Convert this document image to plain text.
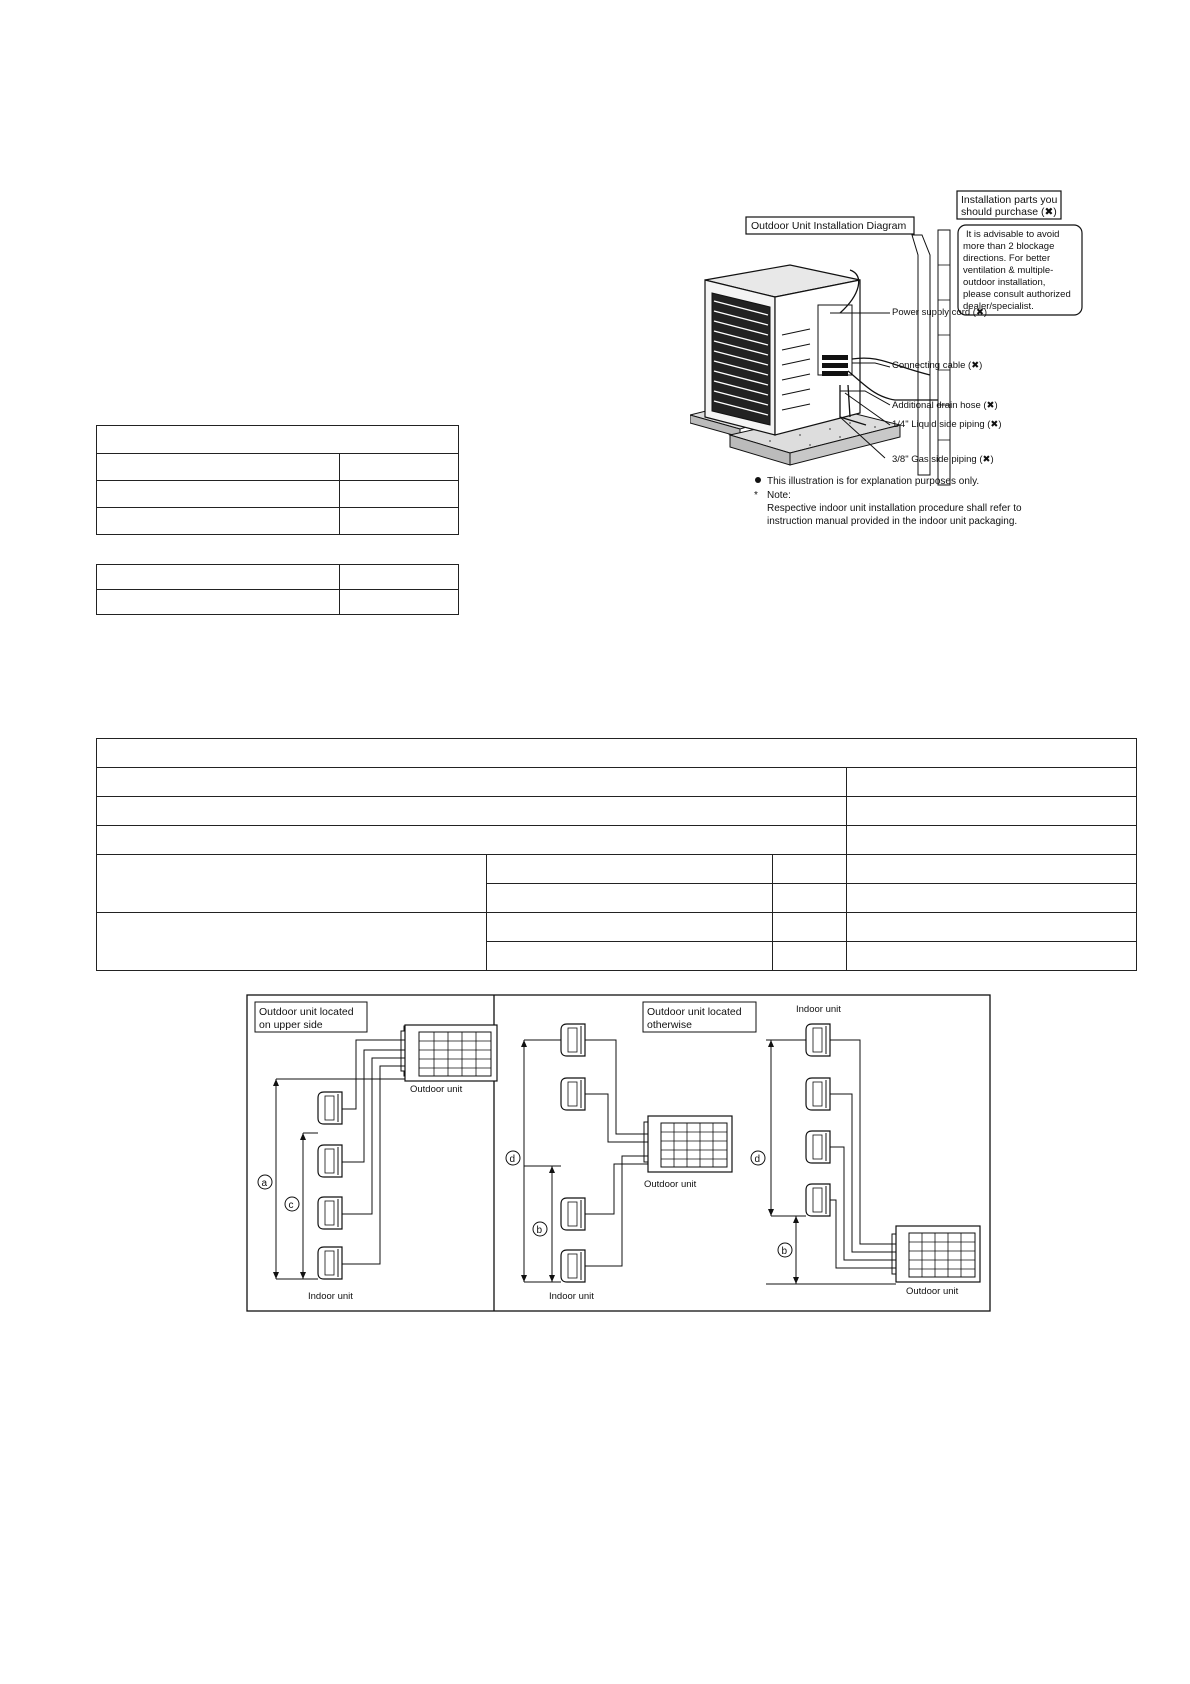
Outdoor Unit Installation Diagram
Installation parts you
should purchase (✖)
It is advisable to avoid
more than 2 blockage
directions. For better
ventilation & multiple-
outdoor installation,
please consult authorized
dealer/specialist.
Power supply cord (✖)
Connecting cable (✖)
Additional drain hose (✖)
1/4" Liquid side piping (✖)
3/8" Gas side piping (✖)
This illustration is for explanation purposes only.
* Note:
Respective indoor unit installation procedure shall refer to
instruction manual provided in the indoor unit packaging.
Outdoor unit located
on upper side
Outdoor unit
a
c
Indoor unit
Outdoor unit located
otherwise
Outdoor unit
d
b
Indoor unit
Indoor unit
Outdoor unit
d
b
